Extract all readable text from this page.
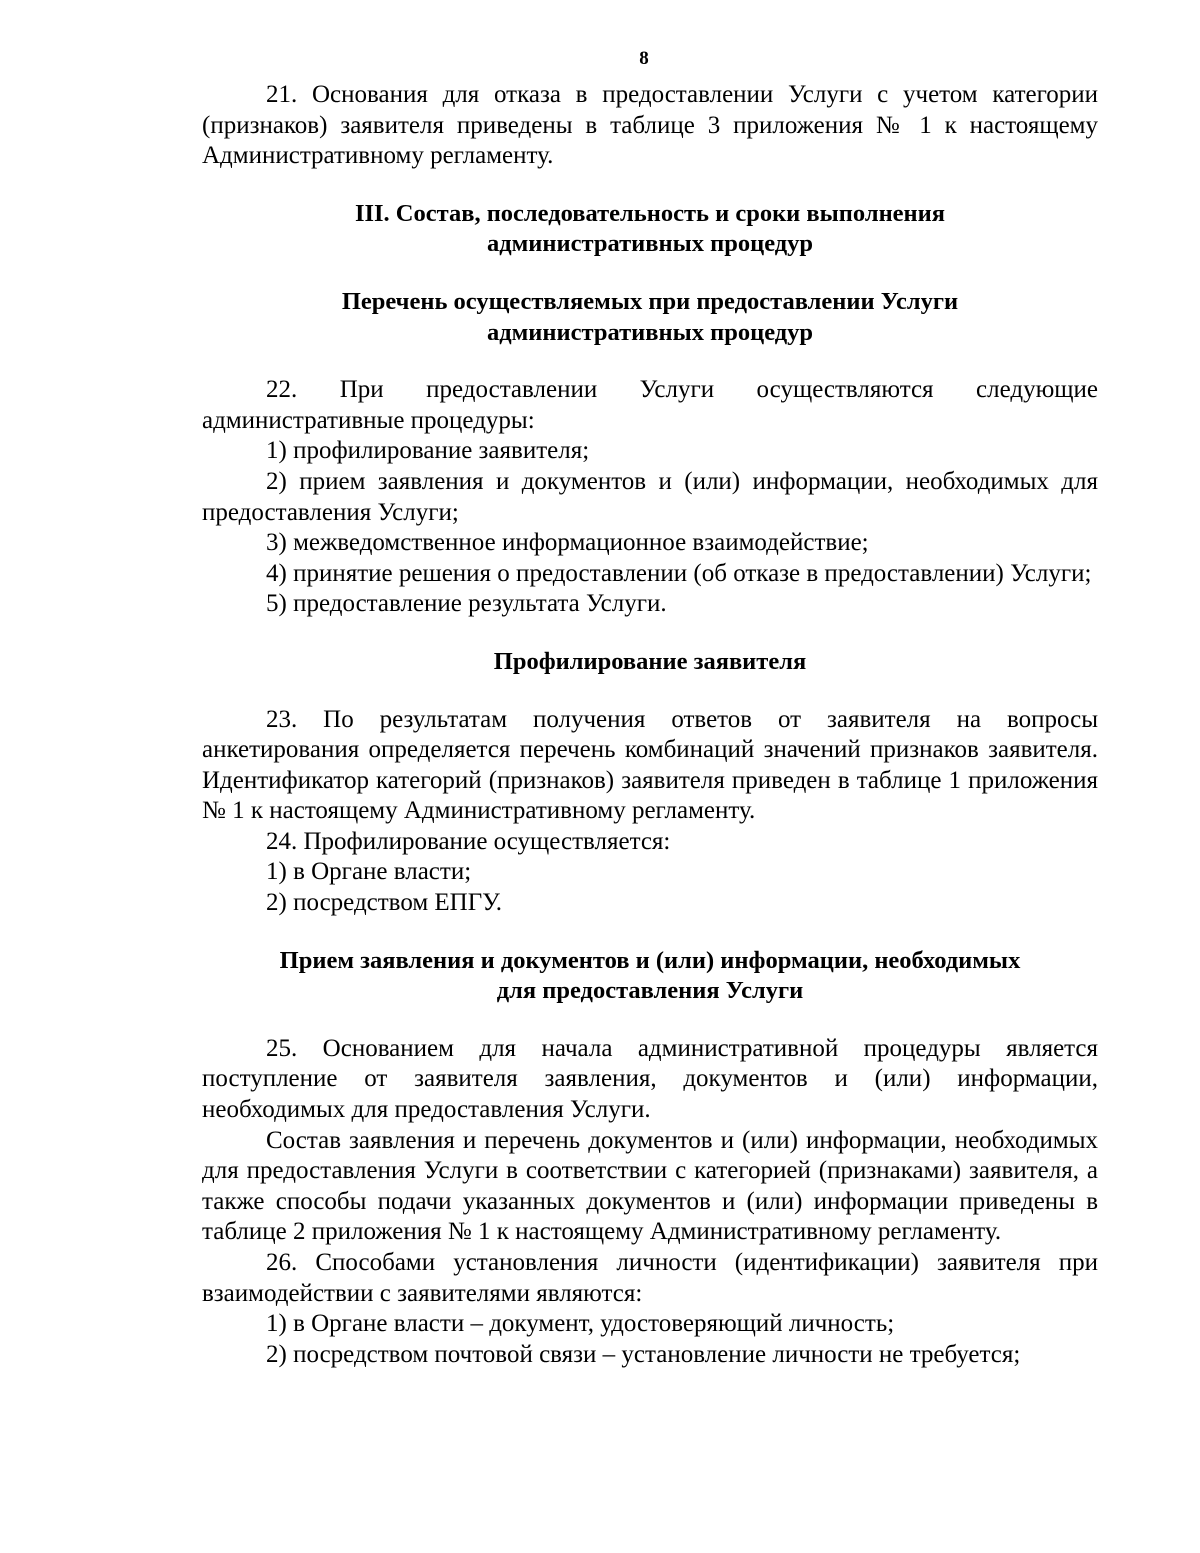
8

21. Основания для отказа в предоставлении Услуги с учетом категории (признаков) заявителя приведены в таблице 3 приложения № 1 к настоящему Административному регламенту.

III. Состав, последовательность и сроки выполнения
административных процедур
Перечень осуществляемых при предоставлении Услуги
административных процедур

22. При предоставлении Услуги осуществляются следующие административные процедуры:

1) профилирование заявителя;

2) прием заявления и документов и (или) информации, необходимых для предоставления Услуги;

3) межведомственное информационное взаимодействие;

4) принятие решения о предоставлении (об отказе в предоставлении) Услуги;

5) предоставление результата Услуги.

Профилирование заявителя

23. По результатам получения ответов от заявителя на вопросы анкетирования определяется перечень комбинаций значений признаков заявителя. Идентификатор категорий (признаков) заявителя приведен в таблице 1 приложения № 1 к настоящему Административному регламенту.

24. Профилирование осуществляется:

1) в Органе власти;

2) посредством ЕПГУ.

Прием заявления и документов и (или) информации, необходимых
для предоставления Услуги

25. Основанием для начала административной процедуры является поступление от заявителя заявления, документов и (или) информации, необходимых для предоставления Услуги.

Состав заявления и перечень документов и (или) информации, необходимых для предоставления Услуги в соответствии с категорией (признаками) заявителя, а также способы подачи указанных документов и (или) информации приведены в таблице 2 приложения № 1 к настоящему Административному регламенту.

26. Способами установления личности (идентификации) заявителя при взаимодействии с заявителями являются:

1) в Органе власти – документ, удостоверяющий личность;

2) посредством почтовой связи – установление личности не требуется;
